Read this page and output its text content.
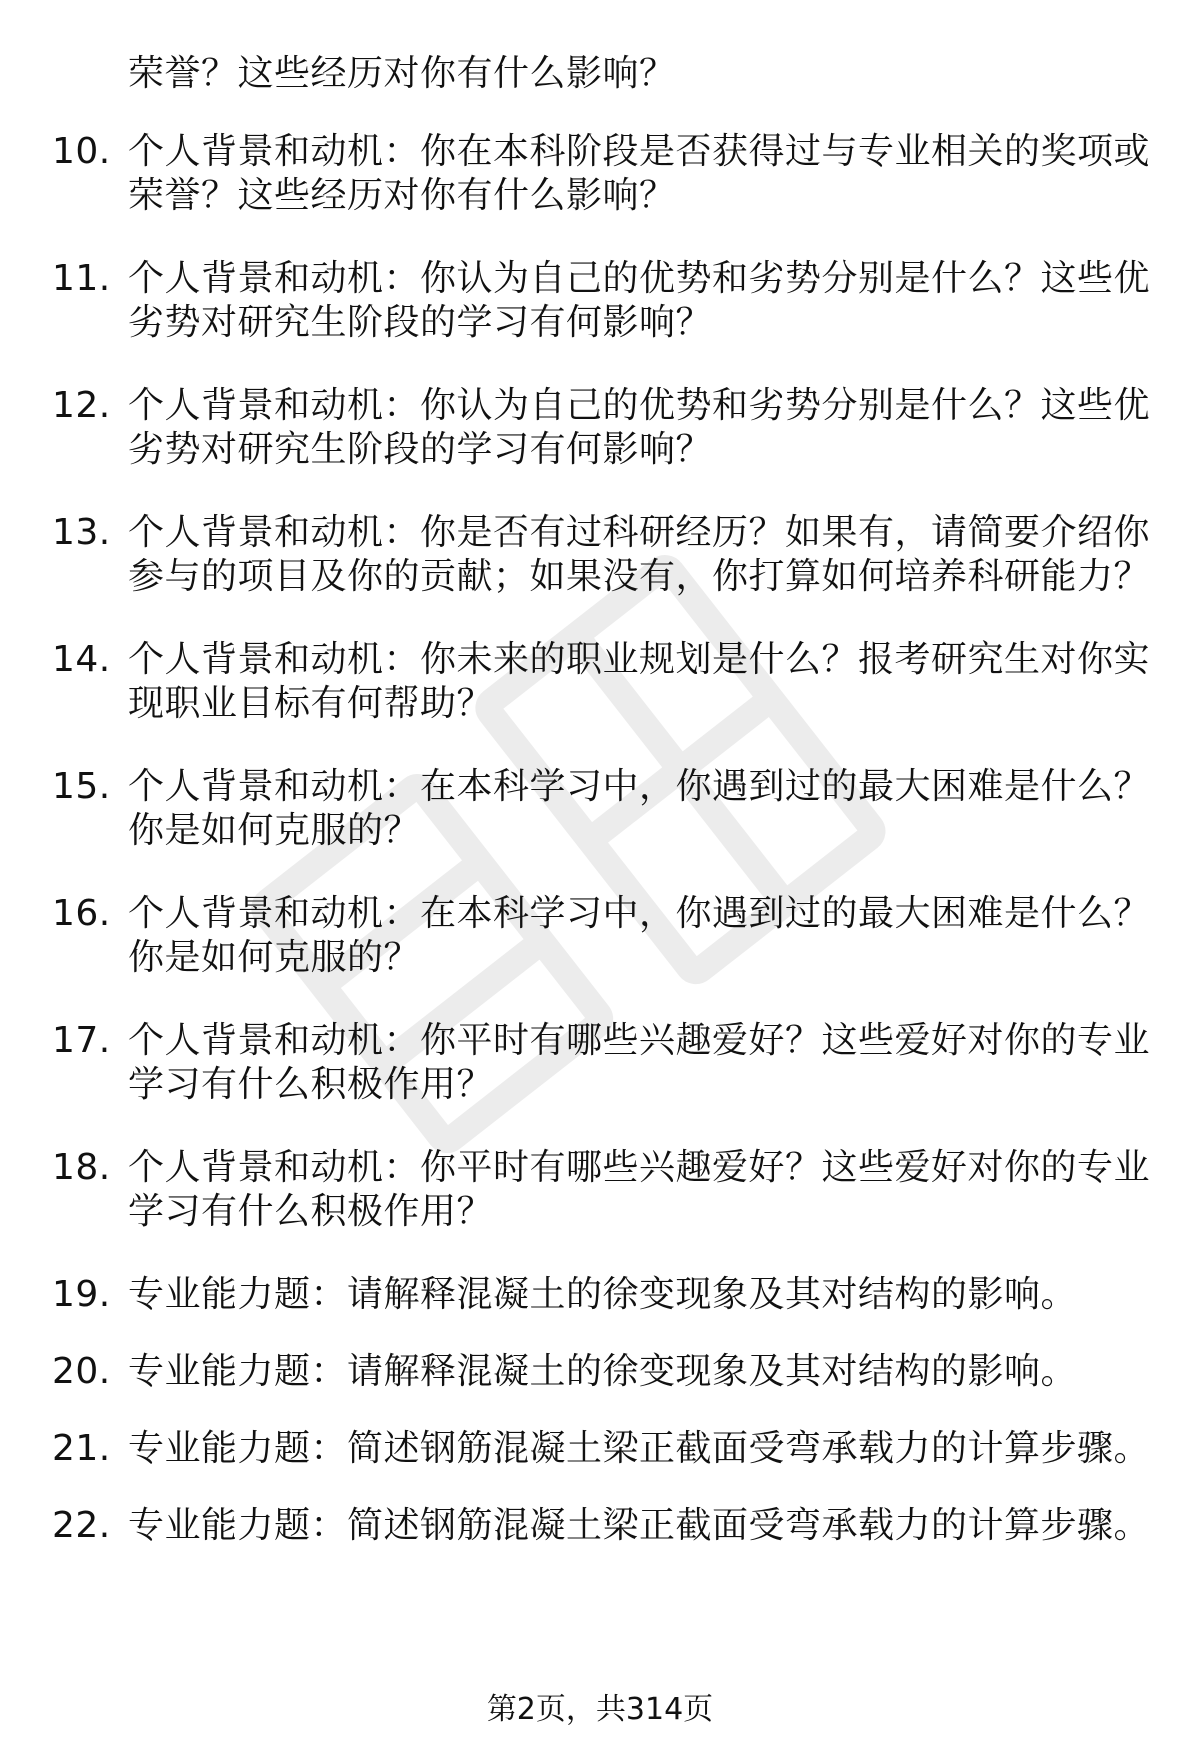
荣誉？这些经历对你有什么影响？
10. 个人背景和动机：你在本科阶段是否获得过与专业相关的奖项或
荣誉？这些经历对你有什么影响？
11. 个人背景和动机：你认为自己的优势和劣势分别是什么？这些优
劣势对研究生阶段的学习有何影响？
12. 个人背景和动机：你认为自己的优势和劣势分别是什么？这些优
劣势对研究生阶段的学习有何影响？
13. 个人背景和动机：你是否有过科研经历？如果有，请简要介绍你
参与的项目及你的贡献；如果没有，你打算如何培养科研能力？
14. 个人背景和动机：你未来的职业规划是什么？报考研究生对你实
现职业目标有何帮助？
15. 个人背景和动机：在本科学习中，你遇到过的最大困难是什么？
你是如何克服的？
16. 个人背景和动机：在本科学习中，你遇到过的最大困难是什么？
你是如何克服的？
17. 个人背景和动机：你平时有哪些兴趣爱好？这些爱好对你的专业
学习有什么积极作用？
18. 个人背景和动机：你平时有哪些兴趣爱好？这些爱好对你的专业
学习有什么积极作用？
19. 专业能力题：请解释混凝土的徐变现象及其对结构的影响。
20. 专业能力题：请解释混凝土的徐变现象及其对结构的影响。
21. 专业能力题：简述钢筋混凝土梁正截面受弯承载力的计算步骤。
22. 专业能力题：简述钢筋混凝土梁正截面受弯承载力的计算步骤。
第2页，共314页
